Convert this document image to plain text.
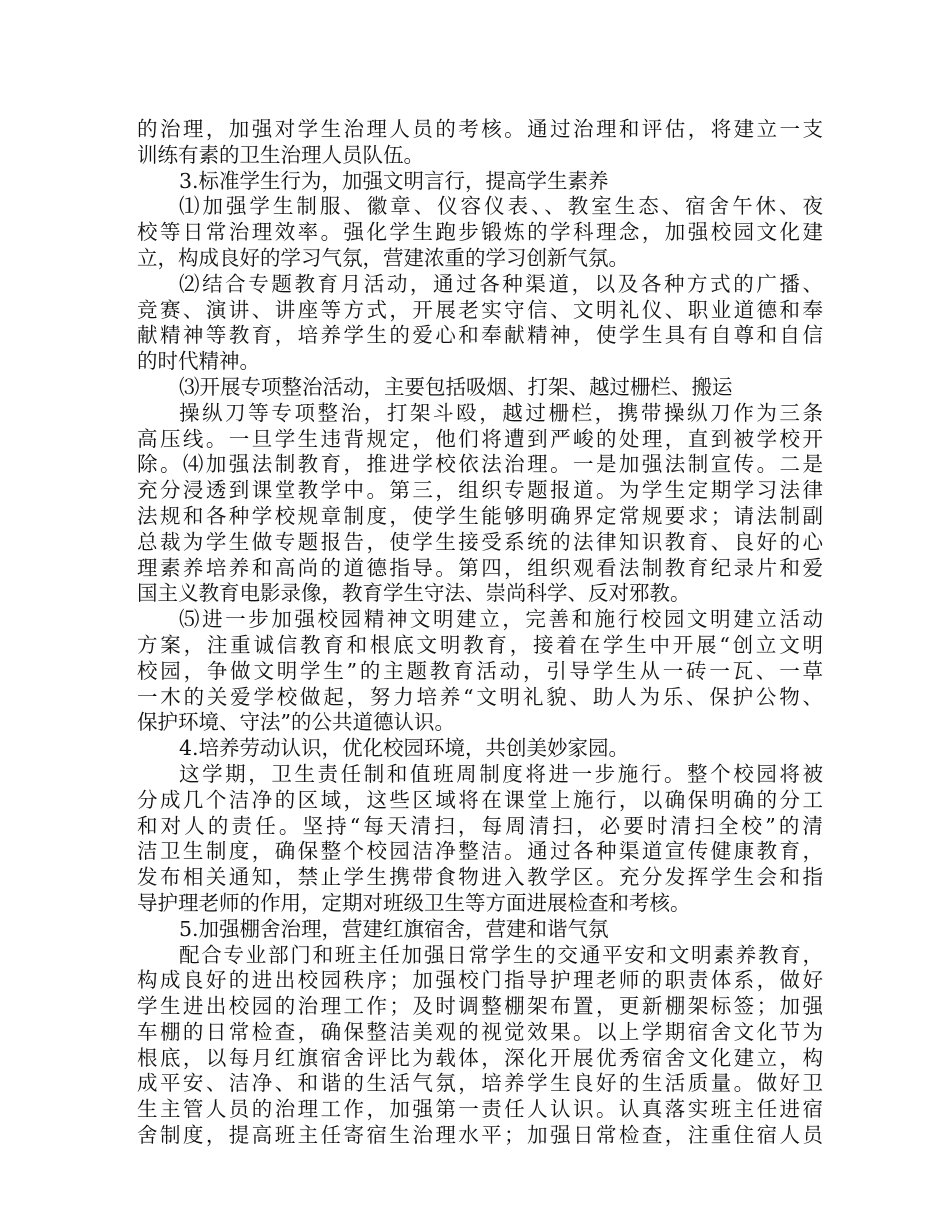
的治理，加强对学生治理人员的考核。通过治理和评估，将建立一支
训练有素的卫生治理人员队伍。
3.标准学生行为，加强文明言行，提高学生素养
⑴加强学生制服、徽章、仪容仪表、、教室生态、宿舍午休、夜
校等日常治理效率。强化学生跑步锻炼的学科理念，加强校园文化建
立，构成良好的学习气氛，营建浓重的学习创新气氛。
⑵结合专题教育月活动，通过各种渠道，以及各种方式的广播、
竞赛、演讲、讲座等方式，开展老实守信、文明礼仪、职业道德和奉
献精神等教育，培养学生的爱心和奉献精神，使学生具有自尊和自信
的时代精神。
⑶开展专项整治活动，主要包括吸烟、打架、越过栅栏、搬运
操纵刀等专项整治，打架斗殴，越过栅栏，携带操纵刀作为三条
高压线。一旦学生违背规定，他们将遭到严峻的处理，直到被学校开
除。⑷加强法制教育，推进学校依法治理。一是加强法制宣传。二是
充分浸透到课堂教学中。第三，组织专题报道。为学生定期学习法律
法规和各种学校规章制度，使学生能够明确界定常规要求；请法制副
总裁为学生做专题报告，使学生接受系统的法律知识教育、良好的心
理素养培养和高尚的道德指导。第四，组织观看法制教育纪录片和爱
国主义教育电影录像，教育学生守法、崇尚科学、反对邪教。
⑸进一步加强校园精神文明建立，完善和施行校园文明建立活动
方案，注重诚信教育和根底文明教育，接着在学生中开展“创立文明
校园，争做文明学生”的主题教育活动，引导学生从一砖一瓦、一草
一木的关爱学校做起，努力培养“文明礼貌、助人为乐、保护公物、
保护环境、守法”的公共道德认识。
4.培养劳动认识，优化校园环境，共创美妙家园。
这学期，卫生责任制和值班周制度将进一步施行。整个校园将被
分成几个洁净的区域，这些区域将在课堂上施行，以确保明确的分工
和对人的责任。坚持“每天清扫，每周清扫，必要时清扫全校”的清
洁卫生制度，确保整个校园洁净整洁。通过各种渠道宣传健康教育，
发布相关通知，禁止学生携带食物进入教学区。充分发挥学生会和指
导护理老师的作用，定期对班级卫生等方面进展检查和考核。
5.加强棚舍治理，营建红旗宿舍，营建和谐气氛
配合专业部门和班主任加强日常学生的交通平安和文明素养教育，
构成良好的进出校园秩序；加强校门指导护理老师的职责体系，做好
学生进出校园的治理工作；及时调整棚架布置，更新棚架标签；加强
车棚的日常检查，确保整洁美观的视觉效果。以上学期宿舍文化节为
根底，以每月红旗宿舍评比为载体，深化开展优秀宿舍文化建立，构
成平安、洁净、和谐的生活气氛，培养学生良好的生活质量。做好卫
生主管人员的治理工作，加强第一责任人认识。认真落实班主任进宿
舍制度，提高班主任寄宿生治理水平；加强日常检查，注重住宿人员
